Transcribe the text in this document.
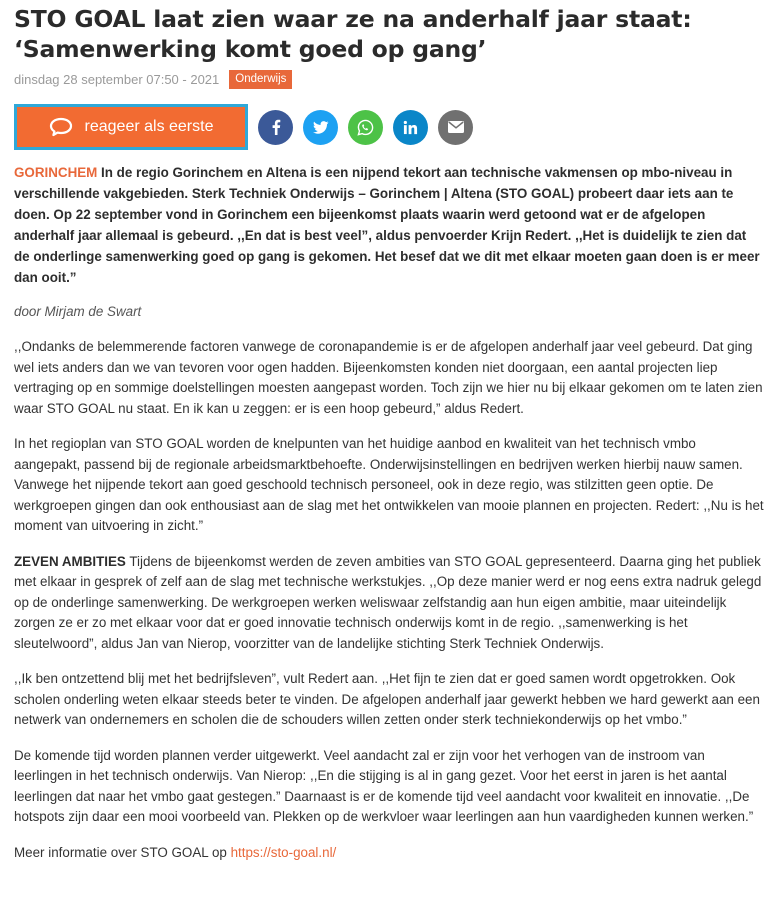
STO GOAL laat zien waar ze na anderhalf jaar staat: ‘Samenwerking komt goed op gang’
dinsdag 28 september 07:50 - 2021	Onderwijs
reageer als eerste
GORINCHEM In de regio Gorinchem en Altena is een nijpend tekort aan technische vakmensen op mbo-niveau in verschillende vakgebieden. Sterk Techniek Onderwijs – Gorinchem | Altena (STO GOAL) probeert daar iets aan te doen. Op 22 september vond in Gorinchem een bijeenkomst plaats waarin werd getoond wat er de afgelopen anderhalf jaar allemaal is gebeurd. ,,En dat is best veel”, aldus penvoerder Krijn Redert. ,,Het is duidelijk te zien dat de onderlinge samenwerking goed op gang is gekomen. Het besef dat we dit met elkaar moeten gaan doen is er meer dan ooit.”
door Mirjam de Swart

,,Ondanks de belemmerende factoren vanwege de coronapandemie is er de afgelopen anderhalf jaar veel gebeurd. Dat ging wel iets anders dan we van tevoren voor ogen hadden. Bijeenkomsten konden niet doorgaan, een aantal projecten liep vertraging op en sommige doelstellingen moesten aangepast worden. Toch zijn we hier nu bij elkaar gekomen om te laten zien waar STO GOAL nu staat. En ik kan u zeggen: er is een hoop gebeurd,” aldus Redert.

In het regioplan van STO GOAL worden de knelpunten van het huidige aanbod en kwaliteit van het technisch vmbo aangepakt, passend bij de regionale arbeidsmarktbehoefte. Onderwijsinstellingen en bedrijven werken hierbij nauw samen. Vanwege het nijpende tekort aan goed geschoold technisch personeel, ook in deze regio, was stilzitten geen optie. De werkgroepen gingen dan ook enthousiast aan de slag met het ontwikkelen van mooie plannen en projecten. Redert: ,,Nu is het moment van uitvoering in zicht.”

ZEVEN AMBITIES Tijdens de bijeenkomst werden de zeven ambities van STO GOAL gepresenteerd. Daarna ging het publiek met elkaar in gesprek of zelf aan de slag met technische werkstukjes. ,,Op deze manier werd er nog eens extra nadruk gelegd op de onderlinge samenwerking. De werkgroepen werken weliswaar zelfstandig aan hun eigen ambitie, maar uiteindelijk zorgen ze er zo met elkaar voor dat er goed innovatie technisch onderwijs komt in de regio. ,,samenwerking is het sleutelwoord”, aldus Jan van Nierop, voorzitter van de landelijke stichting Sterk Techniek Onderwijs.

,,Ik ben ontzettend blij met het bedrijfsleven”, vult Redert aan. ,,Het fijn te zien dat er goed samen wordt opgetrokken. Ook scholen onderling weten elkaar steeds beter te vinden. De afgelopen anderhalf jaar gewerkt hebben we hard gewerkt aan een netwerk van ondernemers en scholen die de schouders willen zetten onder sterk techniekonderwijs op het vmbo.”

De komende tijd worden plannen verder uitgewerkt. Veel aandacht zal er zijn voor het verhogen van de instroom van leerlingen in het technisch onderwijs. Van Nierop: ,,En die stijging is al in gang gezet. Voor het eerst in jaren is het aantal leerlingen dat naar het vmbo gaat gestegen.” Daarnaast is er de komende tijd veel aandacht voor kwaliteit en innovatie. ,,De hotspots zijn daar een mooi voorbeeld van. Plekken op de werkvloer waar leerlingen aan hun vaardigheden kunnen werken.”

Meer informatie over STO GOAL op https://sto-goal.nl/
